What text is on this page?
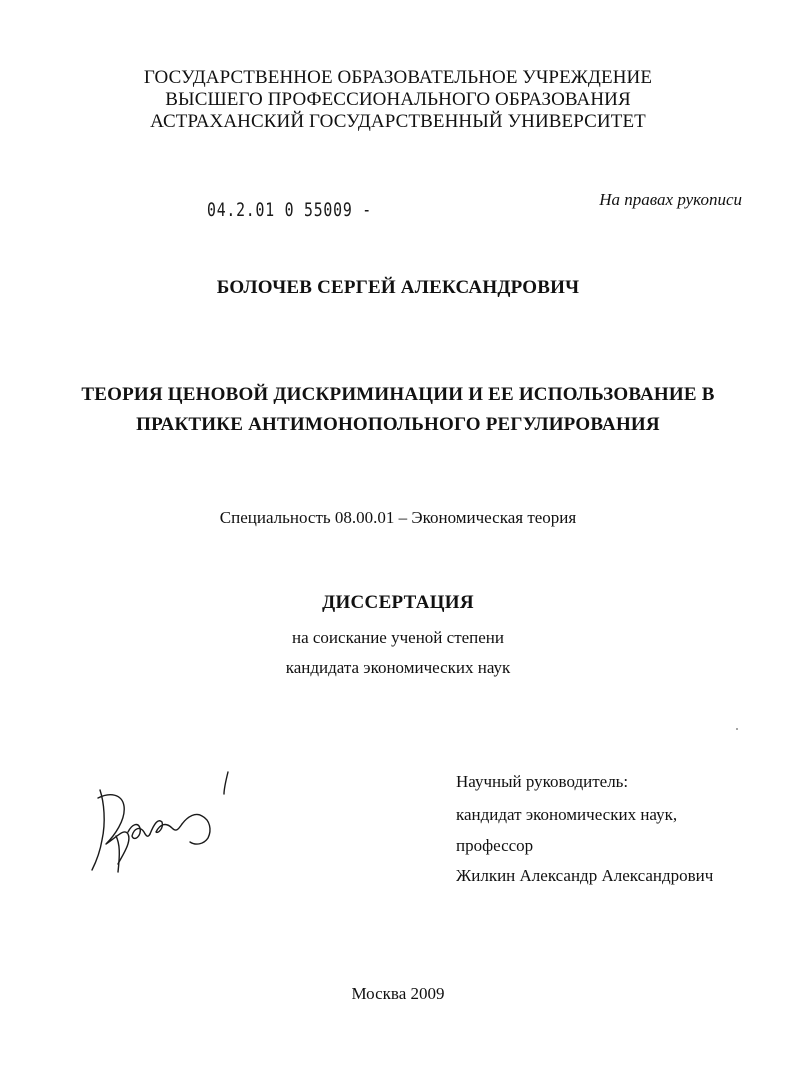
ГОСУДАРСТВЕННОЕ ОБРАЗОВАТЕЛЬНОЕ УЧРЕЖДЕНИЕ
ВЫСШЕГО ПРОФЕССИОНАЛЬНОГО ОБРАЗОВАНИЯ
АСТРАХАНСКИЙ ГОСУДАРСТВЕННЫЙ УНИВЕРСИТЕТ
04.2.01 0 55009 -	На правах рукописи
БОЛОЧЕВ СЕРГЕЙ АЛЕКСАНДРОВИЧ
ТЕОРИЯ ЦЕНОВОЙ ДИСКРИМИНАЦИИ И ЕЕ ИСПОЛЬЗОВАНИЕ В
ПРАКТИКЕ АНТИМОНОПОЛЬНОГО РЕГУЛИРОВАНИЯ
Специальность 08.00.01 – Экономическая теория
ДИССЕРТАЦИЯ
на соискание ученой степени
кандидата экономических наук
Научный руководитель:
кандидат экономических наук,
профессор
Жилкин Александр Александрович
Москва 2009
